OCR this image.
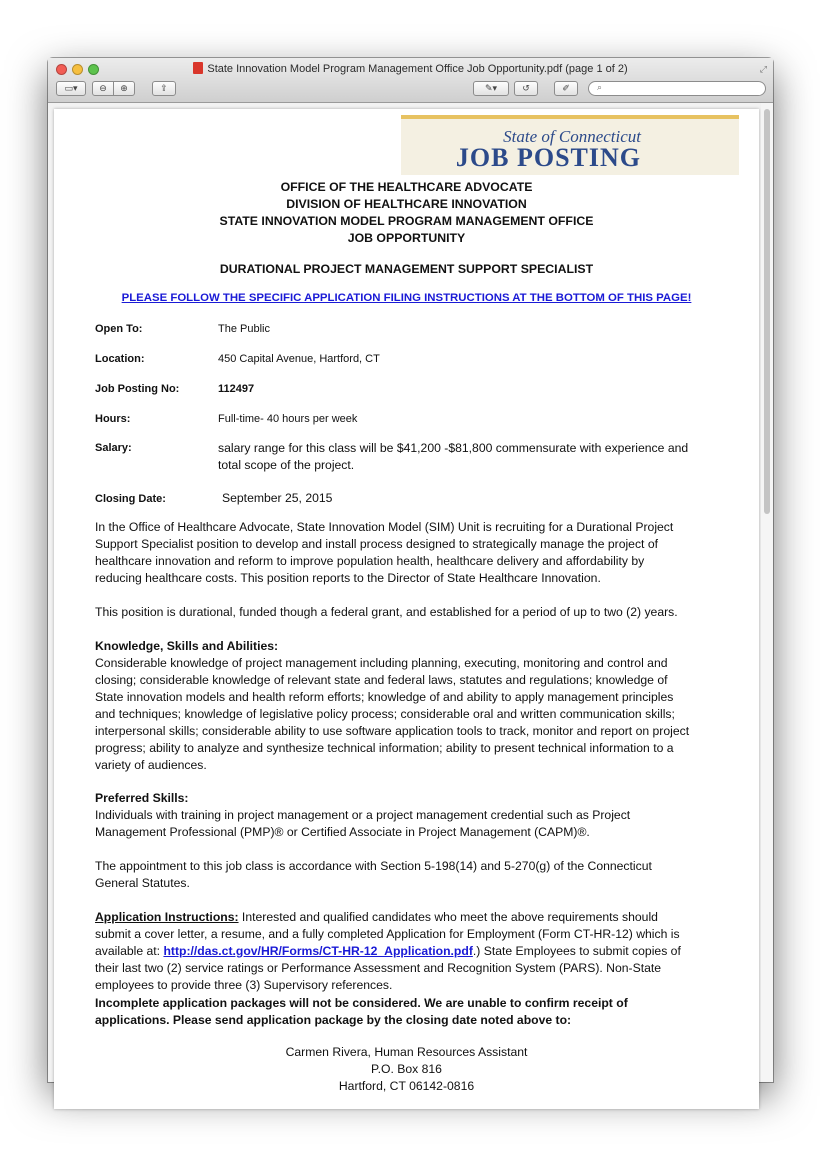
State Innovation Model Program Management Office Job Opportunity.pdf (page 1 of 2)	⤢
▭▾ ⊖ ⊕	⇪	✎▾	↺	✐	⌕
State of Connecticut
JOB POSTING
OFFICE OF THE HEALTHCARE ADVOCATE
DIVISION OF HEALTHCARE INNOVATION
STATE INNOVATION MODEL PROGRAM MANAGEMENT OFFICE
JOB OPPORTUNITY
DURATIONAL PROJECT MANAGEMENT SUPPORT SPECIALIST
PLEASE FOLLOW THE SPECIFIC APPLICATION FILING INSTRUCTIONS AT THE BOTTOM OF THIS PAGE!
Open To:	The Public
Location:	450 Capital Avenue, Hartford, CT
Job Posting No:	112497
Hours:	Full-time- 40 hours per week
Salary:	salary range for this class will be $41,200 -$81,800 commensurate with experience and
total scope of the project.
Closing Date:	September 25, 2015
In the Office of Healthcare Advocate, State Innovation Model (SIM) Unit is recruiting for a Durational Project
Support Specialist position to develop and install process designed to strategically manage the project of
healthcare innovation and reform to improve population health, healthcare delivery and affordability by
reducing healthcare costs. This position reports to the Director of State Healthcare Innovation.
This position is durational, funded though a federal grant, and established for a period of up to two (2) years.
Knowledge, Skills and Abilities:
Considerable knowledge of project management including planning, executing, monitoring and control and
closing; considerable knowledge of relevant state and federal laws, statutes and regulations; knowledge of
State innovation models and health reform efforts; knowledge of and ability to apply management principles
and techniques; knowledge of legislative policy process; considerable oral and written communication skills;
interpersonal skills; considerable ability to use software application tools to track, monitor and report on project
progress; ability to analyze and synthesize technical information; ability to present technical information to a
variety of audiences.
Preferred Skills:
Individuals with training in project management or a project management credential such as Project
Management Professional (PMP)® or Certified Associate in Project Management (CAPM)®.
The appointment to this job class is accordance with Section 5-198(14) and 5-270(g) of the Connecticut
General Statutes.
Application Instructions: Interested and qualified candidates who meet the above requirements should
submit a cover letter, a resume, and a fully completed Application for Employment (Form CT-HR-12) which is
available at: http://das.ct.gov/HR/Forms/CT-HR-12_Application.pdf.) State Employees to submit copies of
their last two (2) service ratings or Performance Assessment and Recognition System (PARS). Non-State
employees to provide three (3) Supervisory references.
Incomplete application packages will not be considered. We are unable to confirm receipt of
applications. Please send application package by the closing date noted above to:
Carmen Rivera, Human Resources Assistant
P.O. Box 816
Hartford, CT 06142-0816
